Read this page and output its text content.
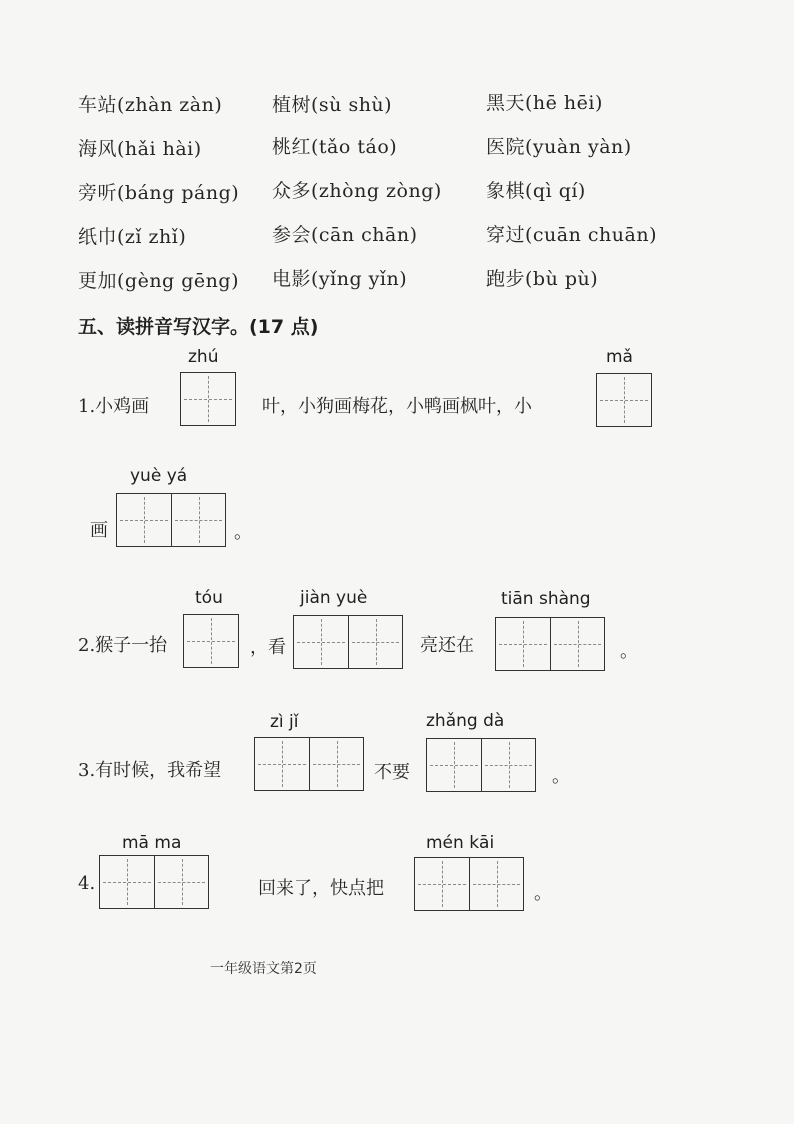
车站(zhàn zàn)	植树(sù shù)	黑天(hē hēi)
海风(hǎi hài)	桃红(tǎo táo)	医院(yuàn yàn)
旁听(báng páng) 众多(zhòng zòng) 象棋(qì qí)
纸巾(zǐ zhǐ)	参会(cān chān)	穿过(cuān chuān)
更加(gèng gēng) 电影(yǐng yǐn)	跑步(bù pù)
五、读拼音写汉字。(17 点)
zhú
1.小鸡画	叶，小狗画梅花，小鸭画枫叶，小
mǎ
yuè yá
画	。
tóu
2.猴子一抬	，看
jiàn yuè
亮还在
tiān shàng
。
zì jǐ
3.有时候，我希望	不要
zhǎng dà
。
mā ma
4.	回来了，快点把
mén kāi
。
一年级语文第2页
